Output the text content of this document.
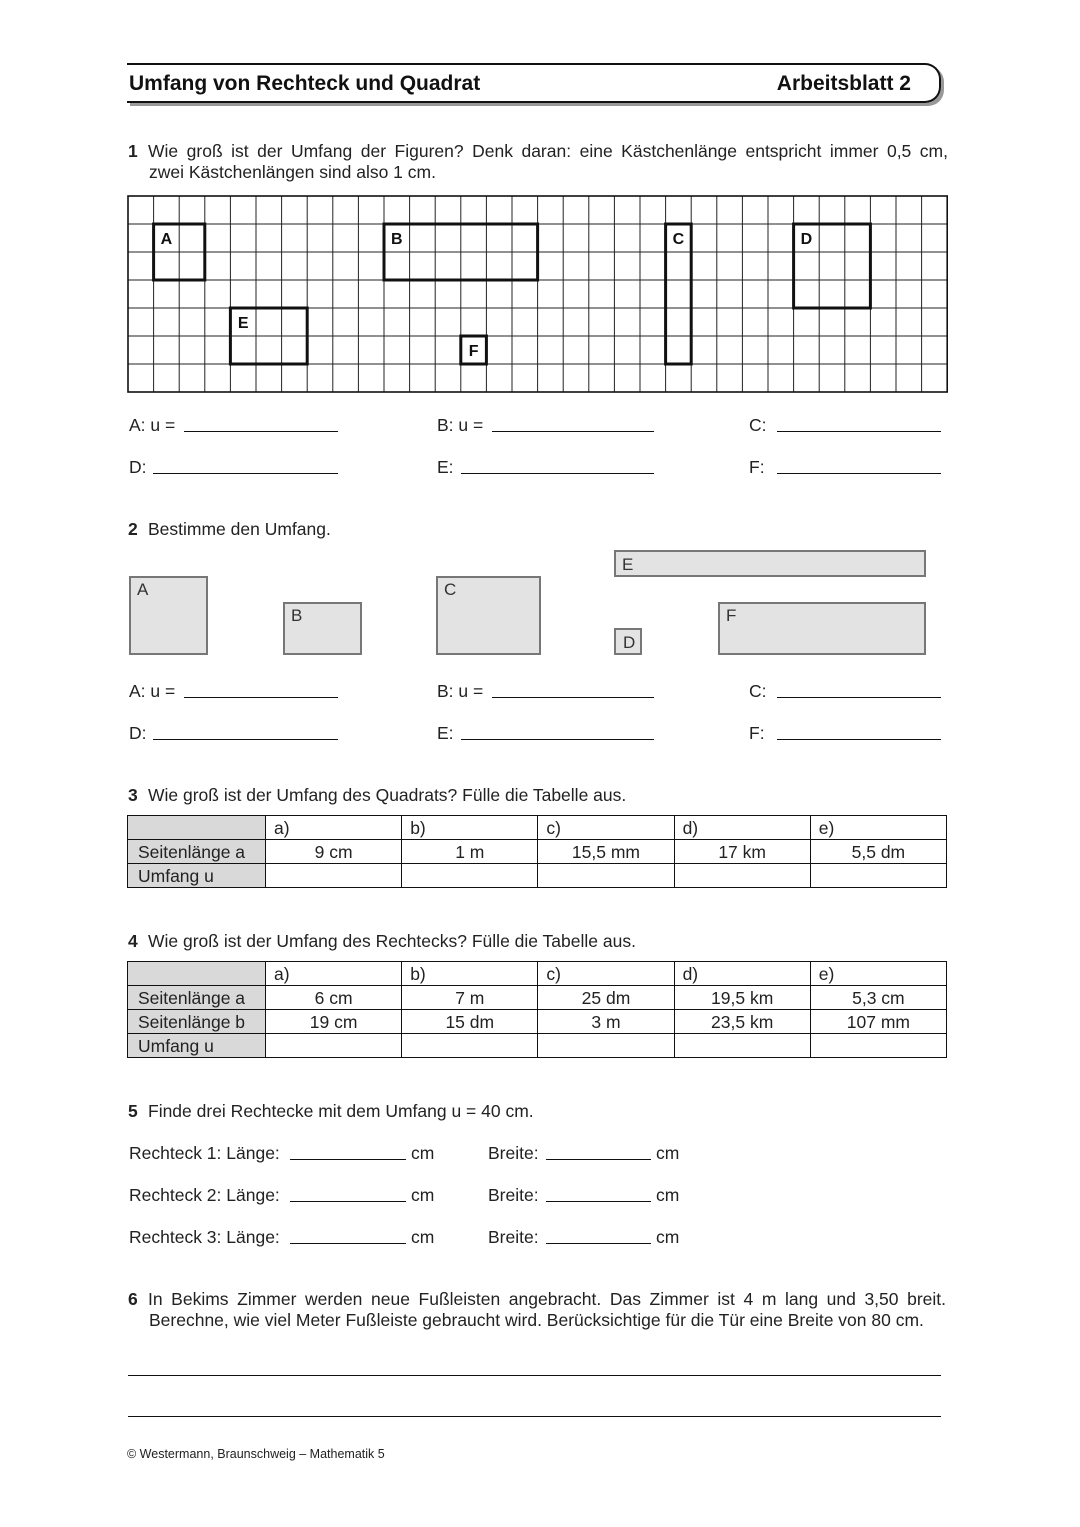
Umfang von Rechteck und Quadrat	Arbeitsblatt 2
1 Wie groß ist der Umfang der Figuren? Denk daran: eine Kästchenlänge entspricht immer 0,5 cm,
zwei Kästchenlängen sind also 1 cm.
A	B	C	D
E
F
A: u =	B: u =	C:
D:	E:	F:
2 Bestimme den Umfang.
A
B
C
D
E
F
A: u =	B: u =	C:
D:	E:	F:
3 Wie groß ist der Umfang des Quadrats? Fülle die Tabelle aus.
	a)	b)	c)	d)	e)
Seitenlänge a	9 cm	1 m	15,5 mm	17 km	5,5 dm
Umfang u					
4 Wie groß ist der Umfang des Rechtecks? Fülle die Tabelle aus.
	a)	b)	c)	d)	e)
Seitenlänge a	6 cm	7 m	25 dm	19,5 km	5,3 cm
Seitenlänge b	19 cm	15 dm	3 m	23,5 km	107 mm
Umfang u					
5 Finde drei Rechtecke mit dem Umfang u = 40 cm.
Rechteck 1: Länge:	cm	Breite:	cm
Rechteck 2: Länge:	cm	Breite:	cm
Rechteck 3: Länge:	cm	Breite:	cm
6 In Bekims Zimmer werden neue Fußleisten angebracht. Das Zimmer ist 4 m lang und 3,50 breit.
Berechne, wie viel Meter Fußleiste gebraucht wird. Berücksichtige für die Tür eine Breite von 80 cm.
© Westermann, Braunschweig – Mathematik 5
